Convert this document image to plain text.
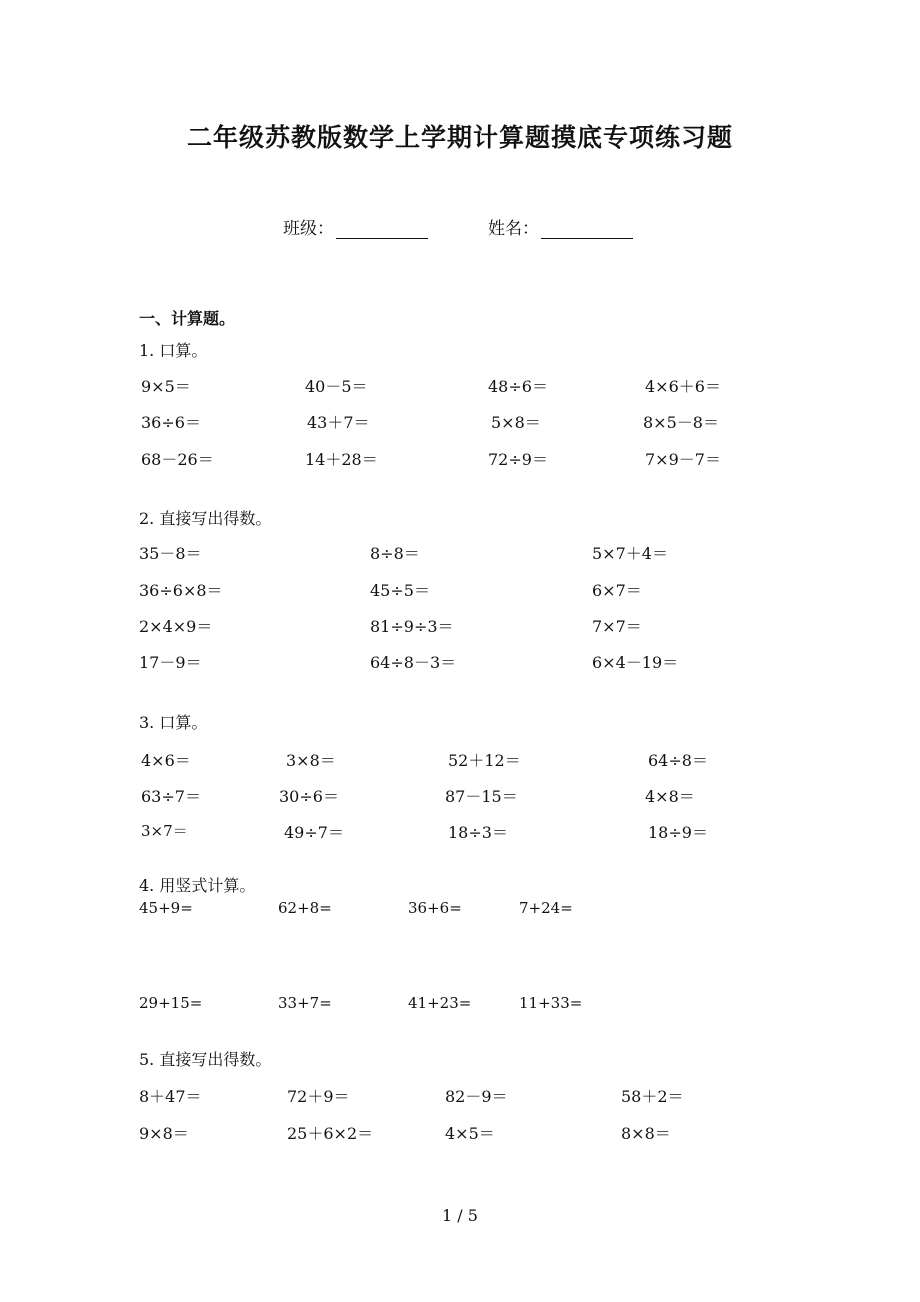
二年级苏教版数学上学期计算题摸底专项练习题
班级：	姓名：
一、计算题。
1. 口算。
9×5＝	40－5＝	48÷6＝	4×6＋6＝
36÷6＝	43＋7＝	5×8＝	8×5－8＝
68－26＝	14＋28＝	72÷9＝	7×9－7＝
2. 直接写出得数。
35－8＝	8÷8＝	5×7＋4＝
36÷6×8＝	45÷5＝	6×7＝
2×4×9＝	81÷9÷3＝	7×7＝
17－9＝	64÷8－3＝	6×4－19＝
3. 口算。
4×6＝	3×8＝	52＋12＝	64÷8＝
63÷7＝	30÷6＝	87－15＝	4×8＝
3×7＝	49÷7＝	18÷3＝	18÷9＝
4. 用竖式计算。
45+9=	62+8=	36+6=	7+24=
29+15=	33+7=	41+23=	11+33=
5. 直接写出得数。
8＋47＝	72＋9＝	82－9＝	58＋2＝
9×8＝	25＋6×2＝	4×5＝	8×8＝
1 / 5
